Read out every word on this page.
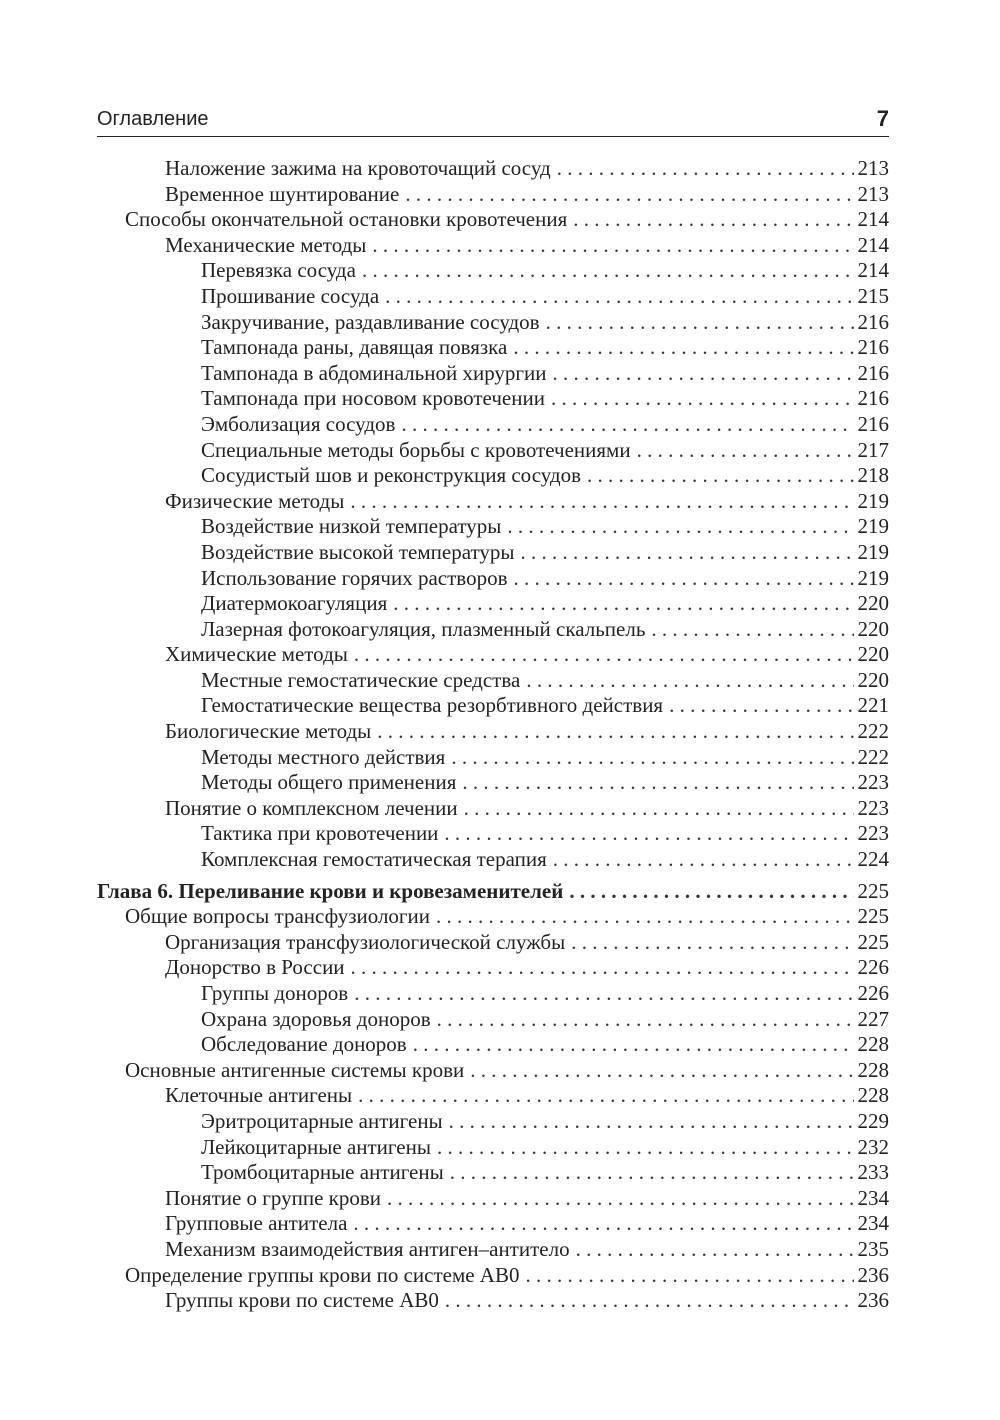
Оглавление	7
Наложение зажима на кровоточащий сосуд . . .	213
Временное шунтирование . . .	213
Способы окончательной остановки кровотечения . . .	214
Механические методы . . .	214
Перевязка сосуда . . .	214
Прошивание сосуда . . .	215
Закручивание, раздавливание сосудов . . .	216
Тампонада раны, давящая повязка . . .	216
Тампонада в абдоминальной хирургии . . .	216
Тампонада при носовом кровотечении . . .	216
Эмболизация сосудов . . .	216
Специальные методы борьбы с кровотечениями . . .	217
Сосудистый шов и реконструкция сосудов . . .	218
Физические методы . . .	219
Воздействие низкой температуры . . .	219
Воздействие высокой температуры . . .	219
Использование горячих растворов . . .	219
Диатермокоагуляция . . .	220
Лазерная фотокоагуляция, плазменный скальпель . . .	220
Химические методы . . .	220
Местные гемостатические средства . . .	220
Гемостатические вещества резорбтивного действия . . .	221
Биологические методы . . .	222
Методы местного действия . . .	222
Методы общего применения . . .	223
Понятие о комплексном лечении . . .	223
Тактика при кровотечении . . .	223
Комплексная гемостатическая терапия . . .	224
Глава 6. Переливание крови и кровезаменителей . . .	225
Общие вопросы трансфузиологии . . .	225
Организация трансфузиологической службы . . .	225
Донорство в России . . .	226
Группы доноров . . .	226
Охрана здоровья доноров . . .	227
Обследование доноров . . .	228
Основные антигенные системы крови . . .	228
Клеточные антигены . . .	228
Эритроцитарные антигены . . .	229
Лейкоцитарные антигены . . .	232
Тромбоцитарные антигены . . .	233
Понятие о группе крови . . .	234
Групповые антитела . . .	234
Механизм взаимодействия антиген–антитело . . .	235
Определение группы крови по системе AB0 . . .	236
Группы крови по системе AB0 . . .	236
